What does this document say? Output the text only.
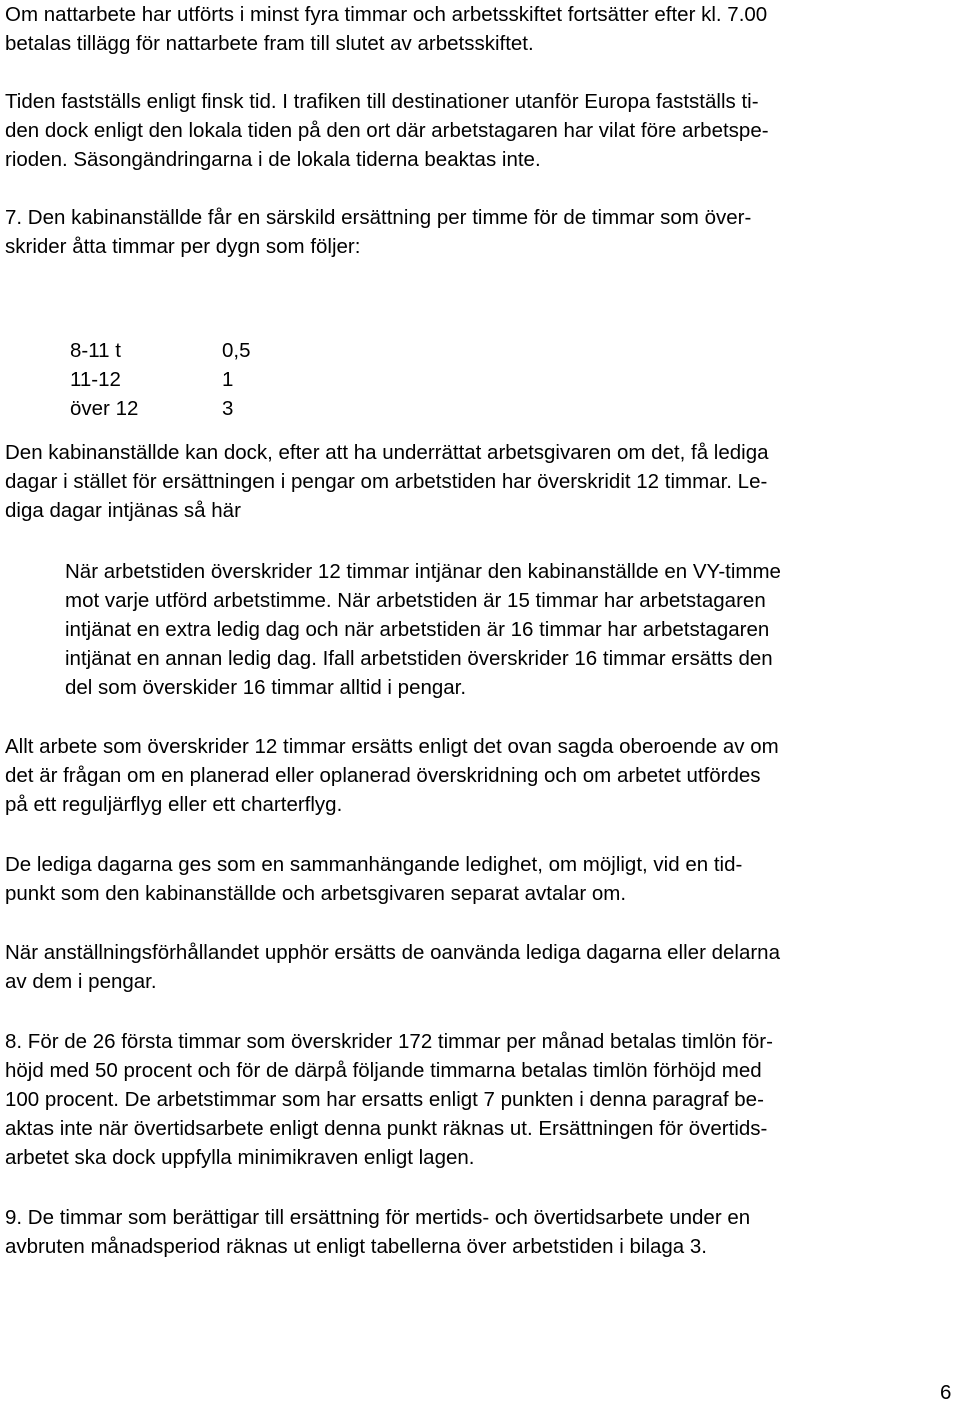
Om nattarbete har utförts i minst fyra timmar och arbetsskiftet fortsätter efter kl. 7.00
betalas tillägg för nattarbete fram till slutet av arbetsskiftet.
Tiden fastställs enligt finsk tid. I trafiken till destinationer utanför Europa fastställs ti-
den dock enligt den lokala tiden på den ort där arbetstagaren har vilat före arbetspe-
rioden. Säsongändringarna i de lokala tiderna beaktas inte.
7. Den kabinanställde får en särskild ersättning per timme för de timmar som över-
skrider åtta timmar per dygn som följer:
8-11 t	0,5
11-12	1
över 12	3
Den kabinanställde kan dock, efter att ha underrättat arbetsgivaren om det, få lediga
dagar i stället för ersättningen i pengar om arbetstiden har överskridit 12 timmar. Le-
diga dagar intjänas så här
När arbetstiden överskrider 12 timmar intjänar den kabinanställde en VY-timme
mot varje utförd arbetstimme. När arbetstiden är 15 timmar har arbetstagaren
intjänat en extra ledig dag och när arbetstiden är 16 timmar har arbetstagaren
intjänat en annan ledig dag. Ifall arbetstiden överskrider 16 timmar ersätts den
del som överskider 16 timmar alltid i pengar.
Allt arbete som överskrider 12 timmar ersätts enligt det ovan sagda oberoende av om
det är frågan om en planerad eller oplanerad överskridning och om arbetet utfördes
på ett reguljärflyg eller ett charterflyg.
De lediga dagarna ges som en sammanhängande ledighet, om möjligt, vid en tid-
punkt som den kabinanställde och arbetsgivaren separat avtalar om.
När anställningsförhållandet upphör ersätts de oanvända lediga dagarna eller delarna
av dem i pengar.
8. För de 26 första timmar som överskrider 172 timmar per månad betalas timlön för-
höjd med 50 procent och för de därpå följande timmarna betalas timlön förhöjd med
100 procent. De arbetstimmar som har ersatts enligt 7 punkten i denna paragraf be-
aktas inte när övertidsarbete enligt denna punkt räknas ut. Ersättningen för övertids-
arbetet ska dock uppfylla minimikraven enligt lagen.
9. De timmar som berättigar till ersättning för mertids- och övertidsarbete under en
avbruten månadsperiod räknas ut enligt tabellerna över arbetstiden i bilaga 3.
6
